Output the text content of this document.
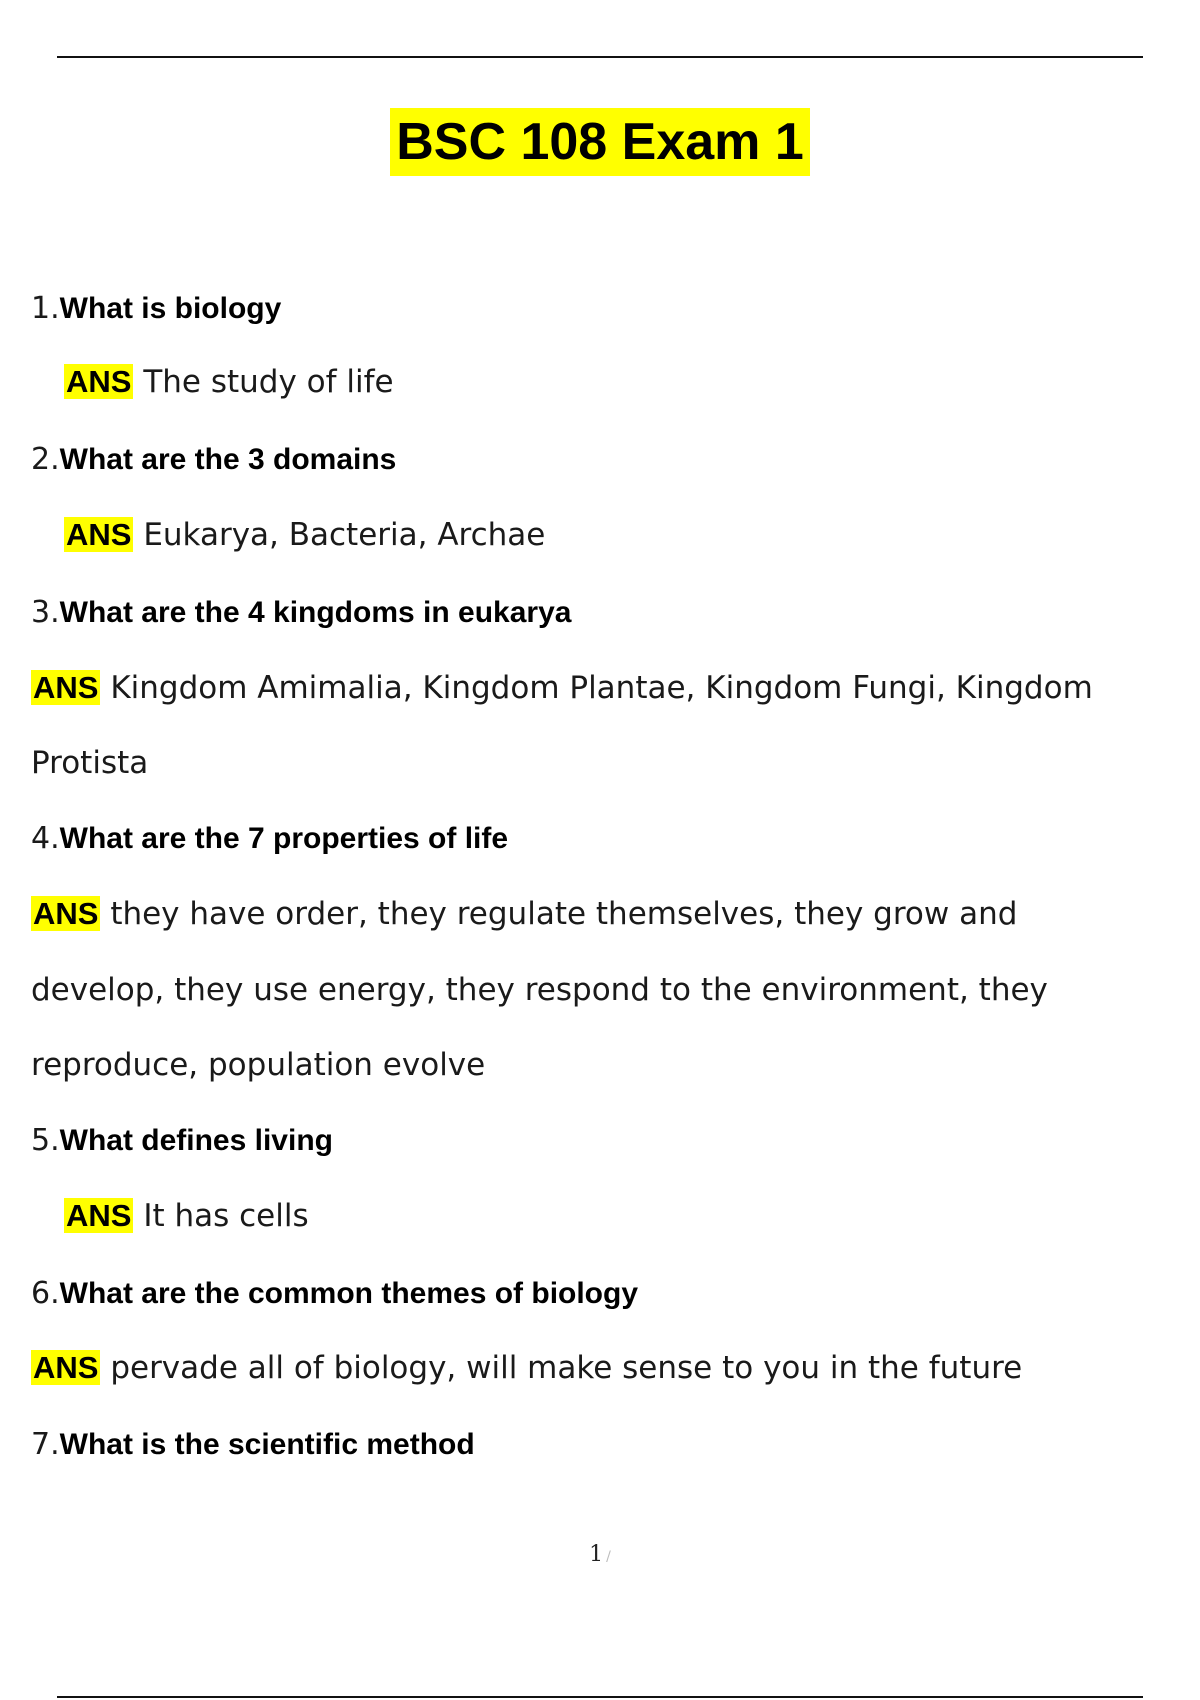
BSC 108 Exam 1
1.What is biology
ANS The study of life
2.What are the 3 domains
ANS Eukarya, Bacteria, Archae
3.What are the 4 kingdoms in eukarya
ANS Kingdom Amimalia, Kingdom Plantae, Kingdom Fungi, Kingdom
Protista
4.What are the 7 properties of life
ANS they have order, they regulate themselves, they grow and
develop, they use energy, they respond to the environment, they
reproduce, population evolve
5.What defines living
ANS It has cells
6.What are the common themes of biology
ANS pervade all of biology, will make sense to you in the future
7.What is the scientific method
1 /
